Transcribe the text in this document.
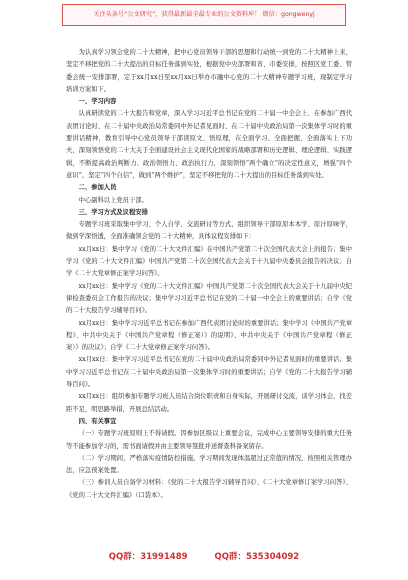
关注头条号“公文研究”，获得最新最全最专业的公文资料库！ 微信：gongwenyj

为认真学习领会党的二十大精神，把中心党员领导干部的思想和行动统一到党的二十大精神上来，坚定不移把党的二十大提出的目标任务落到实处，根据党中央部署和省、市委安排，按照区党工委、管委会统一安排部署，定于xx月xx日至xx月xx日举办市融中心党的二十大精神专题学习班，现制定学习培训方案如下。

一、学习内容

认真研读党的二十大报告和党章，深入学习习近平总书记在党的二十届一中全会上、在参加广西代表团讨论时、在二十届中央政治局常委同中外记者见面时、在二十届中央政治局第一次集体学习时的重要讲话精神，教育引导中心党员领导干部读原文、悟原理，在全面学习、全面把握、全面落实上下功夫，深刻领悟党的二十大关于全面建设社会主义现代化国家的战略部署和历史逻辑、理论逻辑、实践逻辑，不断提高政治判断力、政治领悟力、政治执行力，深刻领悟“两个确立”的决定性意义，增强“四个意识”，坚定“四个自信”，做到“两个维护”，坚定不移把党的二十大提出的目标任务落到实处。

二、参加人员

中心副科以上党员干部。

三、学习方式及议程安排

专题学习班采取集中学习、个人自学、交流研讨等方式，组织领导干部原原本本学、原汁原味学，做到学深悟透，全面准确领会党的二十大精神，具体议程安排如下：

xx月xx日：集中学习《党的二十大文件汇编》在中国共产党第二十次全国代表大会上的报告；集中学习《党的二十大文件汇编》中国共产党第二十次全国代表大会关于十九届中央委员会报告的决议；自学《二十大党章修正案学习问答》。

xx月xx日：集中学习《党的二十大文件汇编》中国共产党第二十次全国代表大会关于十九届中央纪律检查委员会工作报告的决议；集中学习习近平总书记在党的二十届一中全会上的重要讲话；自学《党的二十大报告学习辅导百问》。

xx月xx日：集中学习习近平总书记在参加广西代表团讨论时的重要讲话；集中学习《中国共产党章程》、中共中央关于《中国共产党章程（修正案）》的说明》、中共中央关于《中国共产党章程（修正案）》的决议》；自学《二十大党章修正案学习问答》。

xx月xx日：集中学习习近平总书记在党的二十届中央政治局常委同中外记者见面时的重要讲话；集中学习习近平总书记在二十届中央政治局第一次集体学习时的重要讲话；自学《党的二十大报告学习辅导百问》。

xx月xx日：组织参加专题学习班人员结合岗位职责和自身实际，开展研讨交流，谈学习体会，找差距不足，明思路举措，开展总结活动。

四、有关事宜

（一）专题学习班原则上不得请假。因参加区级以上重要会议，完成中心主要领导安排的重大任务等不能参加学习的，需书面请假并由主要领导签批并送督查科备案留存。

（二）学习期间，严格落实疫情防控措施。学习期间发现体温超过正常值的情况，按照相关管理办法，应急预案处置。

（三）参训人员自备学习材料：《党的二十大报告学习辅导百问》、《二十大党章修订案学习问答》、《党的二十大文件汇编》（口袋本）。

QQ群：31991489	QQ群：535304092
